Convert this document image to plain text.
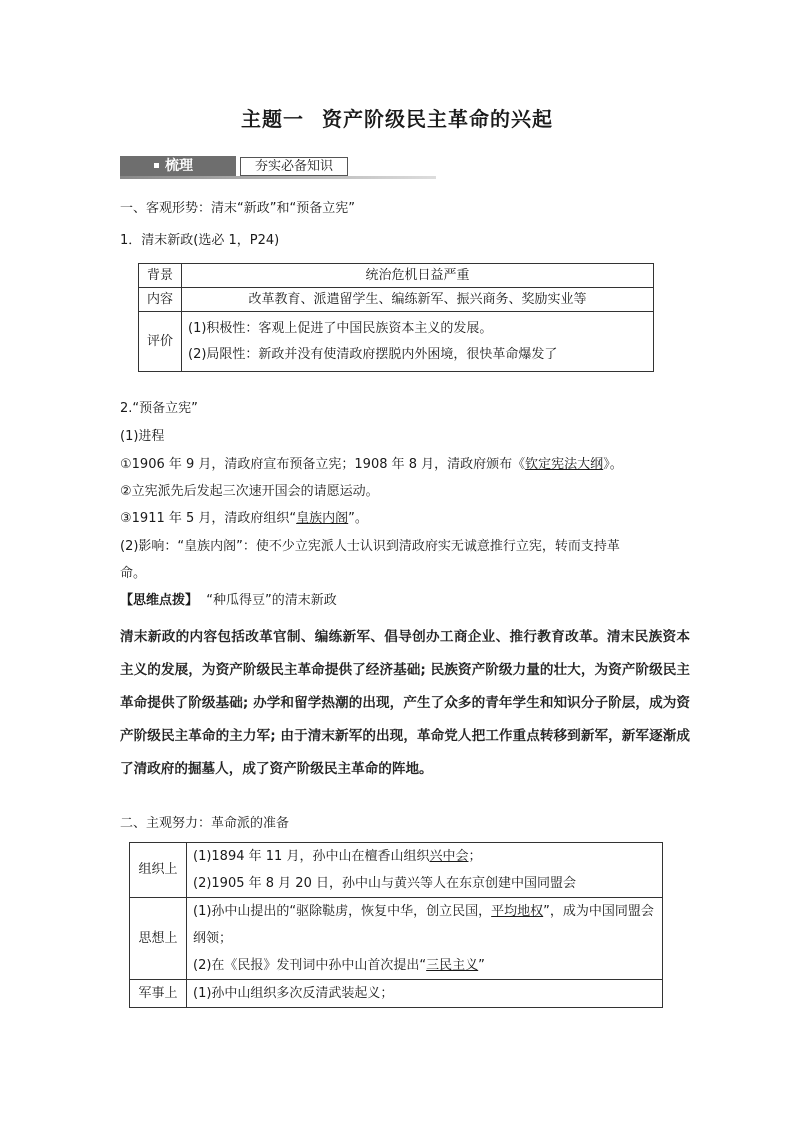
主题一 资产阶级民主革命的兴起
梳理	夯实必备知识
一、客观形势：清末“新政”和“预备立宪”
1．清末新政(选必 1，P24)
背景	统治危机日益严重
内容	改革教育、派遣留学生、编练新军、振兴商务、奖励实业等
评价	(1)积极性：客观上促进了中国民族资本主义的发展。
(2)局限性：新政并没有使清政府摆脱内外困境，很快革命爆发了
2.“预备立宪”
(1)进程
①1906 年 9 月，清政府宣布预备立宪；1908 年 8 月，清政府颁布《钦定宪法大纲》。
②立宪派先后发起三次速开国会的请愿运动。
③1911 年 5 月，清政府组织“皇族内阁”。
(2)影响：“皇族内阁”：使不少立宪派人士认识到清政府实无诚意推行立宪，转而支持革
命。
【思维点拨】 “种瓜得豆”的清末新政
清末新政的内容包括改革官制、编练新军、倡导创办工商企业、推行教育改革。清末民族资本主义的发展，为资产阶级民主革命提供了经济基础; 民族资产阶级力量的壮大，为资产阶级民主革命提供了阶级基础; 办学和留学热潮的出现，产生了众多的青年学生和知识分子阶层，成为资产阶级民主革命的主力军; 由于清末新军的出现，革命党人把工作重点转移到新军，新军逐渐成了清政府的掘墓人，成了资产阶级民主革命的阵地。
二、主观努力：革命派的准备
组织上	(1)1894 年 11 月，孙中山在檀香山组织兴中会；
(2)1905 年 8 月 20 日，孙中山与黄兴等人在东京创建中国同盟会

思想上	(1)孙中山提出的“驱除鞑虏，恢复中华，创立民国，平均地权”，成为中国同盟会纲领；
(2)在《民报》发刊词中孙中山首次提出“三民主义”

军事上	(1)孙中山组织多次反清武装起义；
